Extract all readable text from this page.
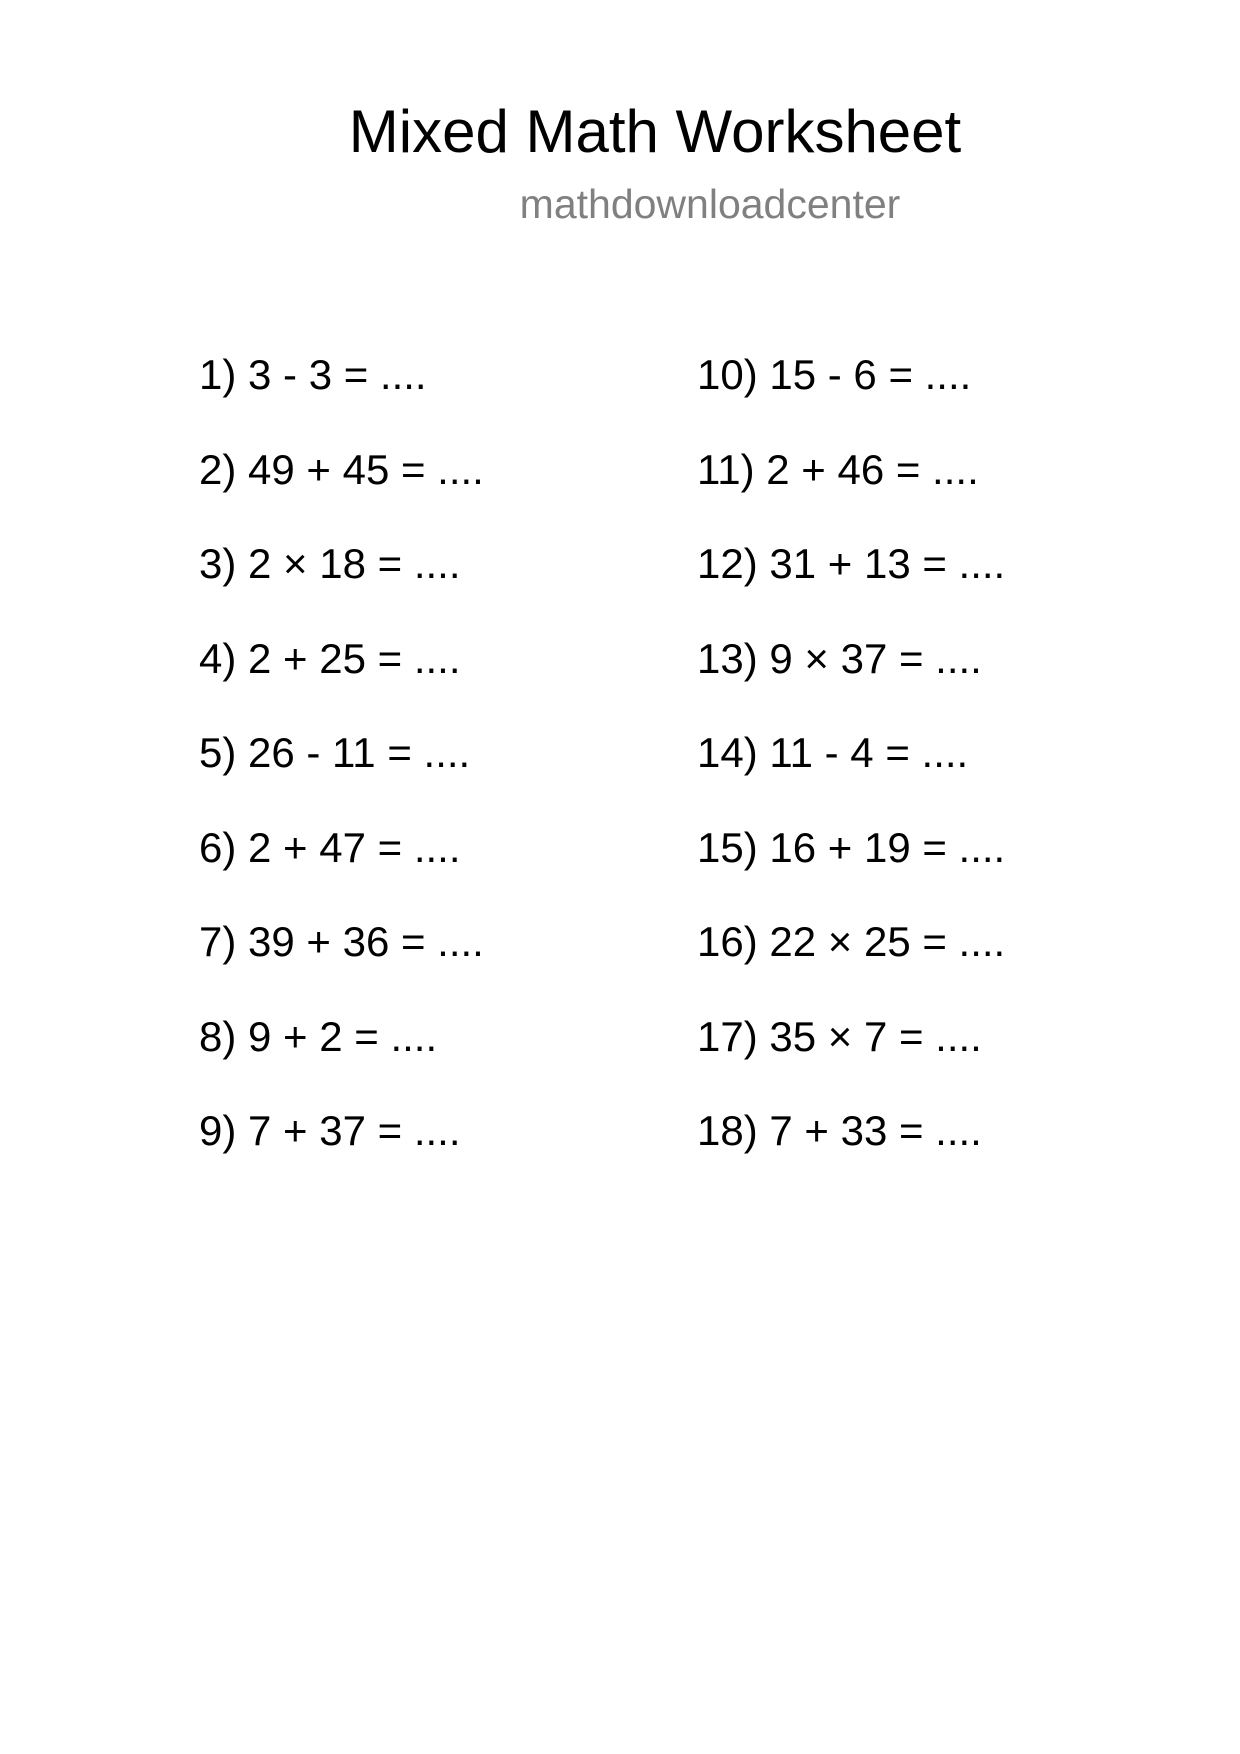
Mixed Math Worksheet
mathdownloadcenter
1) 3 - 3 = ....
2) 49 + 45 = ....
3) 2 × 18 = ....
4) 2 + 25 = ....
5) 26 - 11 = ....
6) 2 + 47 = ....
7) 39 + 36 = ....
8) 9 + 2 = ....
9) 7 + 37 = ....
10) 15 - 6 = ....
11) 2 + 46 = ....
12) 31 + 13 = ....
13) 9 × 37 = ....
14) 11 - 4 = ....
15) 16 + 19 = ....
16) 22 × 25 = ....
17) 35 × 7 = ....
18) 7 + 33 = ....
